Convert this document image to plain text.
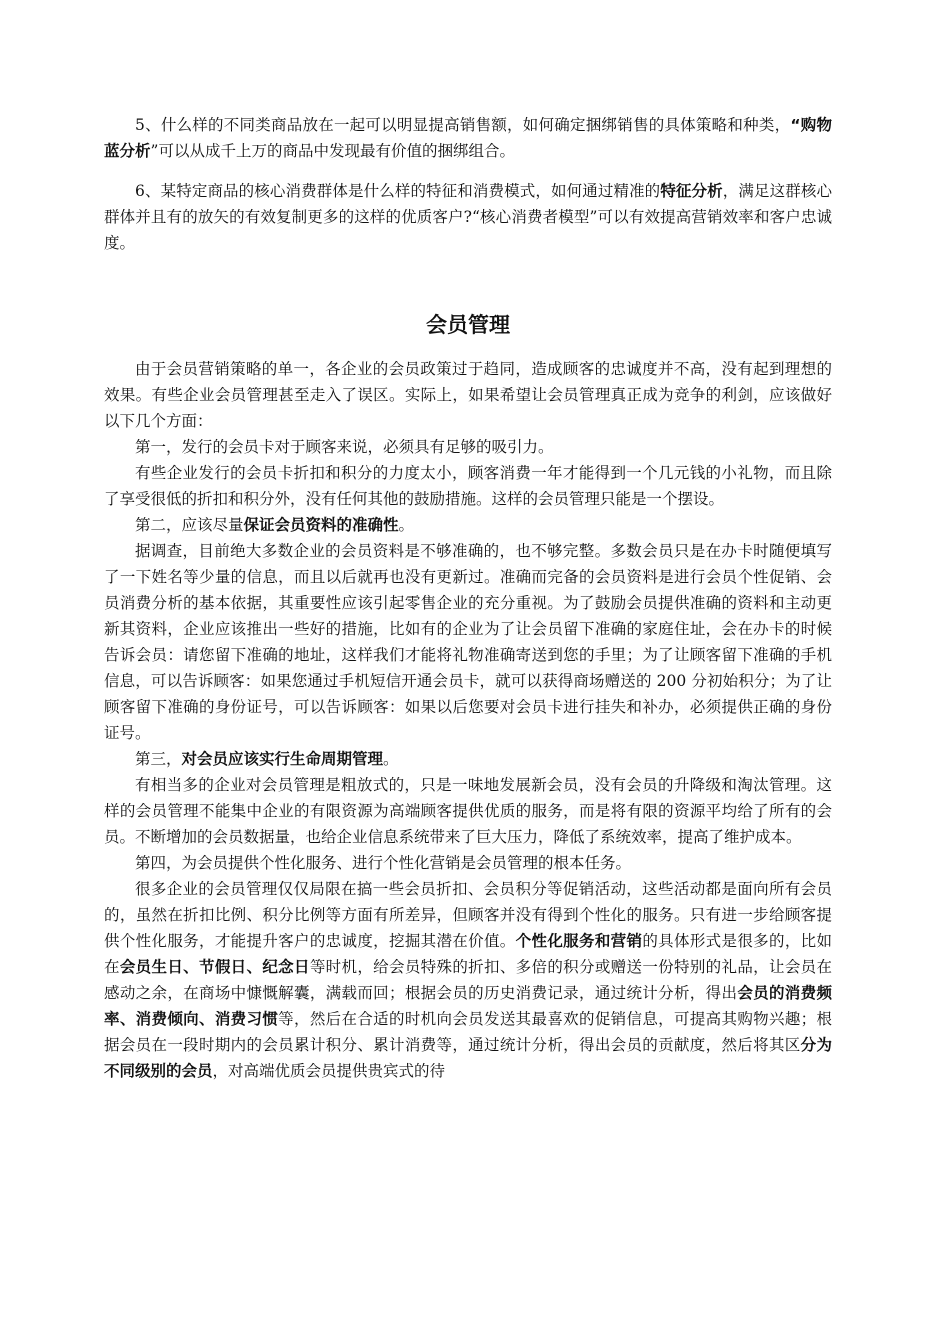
5、什么样的不同类商品放在一起可以明显提高销售额，如何确定捆绑销售的具体策略和种类，“购物蓝分析”可以从成千上万的商品中发现最有价值的捆绑组合。

6、某特定商品的核心消费群体是什么样的特征和消费模式，如何通过精准的特征分析，满足这群核心群体并且有的放矢的有效复制更多的这样的优质客户?“核心消费者模型”可以有效提高营销效率和客户忠诚度。

会员管理

由于会员营销策略的单一，各企业的会员政策过于趋同，造成顾客的忠诚度并不高，没有起到理想的效果。有些企业会员管理甚至走入了误区。实际上，如果希望让会员管理真正成为竞争的利剑，应该做好以下几个方面：

第一，发行的会员卡对于顾客来说，必须具有足够的吸引力。

有些企业发行的会员卡折扣和积分的力度太小，顾客消费一年才能得到一个几元钱的小礼物，而且除了享受很低的折扣和积分外，没有任何其他的鼓励措施。这样的会员管理只能是一个摆设。

第二，应该尽量保证会员资料的准确性。

据调查，目前绝大多数企业的会员资料是不够准确的，也不够完整。多数会员只是在办卡时随便填写了一下姓名等少量的信息，而且以后就再也没有更新过。准确而完备的会员资料是进行会员个性促销、会员消费分析的基本依据，其重要性应该引起零售企业的充分重视。为了鼓励会员提供准确的资料和主动更新其资料，企业应该推出一些好的措施，比如有的企业为了让会员留下准确的家庭住址，会在办卡的时候告诉会员：请您留下准确的地址，这样我们才能将礼物准确寄送到您的手里；为了让顾客留下准确的手机信息，可以告诉顾客：如果您通过手机短信开通会员卡，就可以获得商场赠送的 200 分初始积分；为了让顾客留下准确的身份证号，可以告诉顾客：如果以后您要对会员卡进行挂失和补办，必须提供正确的身份证号。

第三，对会员应该实行生命周期管理。

有相当多的企业对会员管理是粗放式的，只是一味地发展新会员，没有会员的升降级和淘汰管理。这样的会员管理不能集中企业的有限资源为高端顾客提供优质的服务，而是将有限的资源平均给了所有的会员。不断增加的会员数据量，也给企业信息系统带来了巨大压力，降低了系统效率，提高了维护成本。

第四，为会员提供个性化服务、进行个性化营销是会员管理的根本任务。

很多企业的会员管理仅仅局限在搞一些会员折扣、会员积分等促销活动，这些活动都是面向所有会员的，虽然在折扣比例、积分比例等方面有所差异，但顾客并没有得到个性化的服务。只有进一步给顾客提供个性化服务，才能提升客户的忠诚度，挖掘其潜在价值。个性化服务和营销的具体形式是很多的，比如在会员生日、节假日、纪念日等时机，给会员特殊的折扣、多倍的积分或赠送一份特别的礼品，让会员在感动之余，在商场中慷慨解囊，满载而回；根据会员的历史消费记录，通过统计分析，得出会员的消费频率、消费倾向、消费习惯等，然后在合适的时机向会员发送其最喜欢的促销信息，可提高其购物兴趣；根据会员在一段时期内的会员累计积分、累计消费等，通过统计分析，得出会员的贡献度，然后将其区分为不同级别的会员，对高端优质会员提供贵宾式的待
